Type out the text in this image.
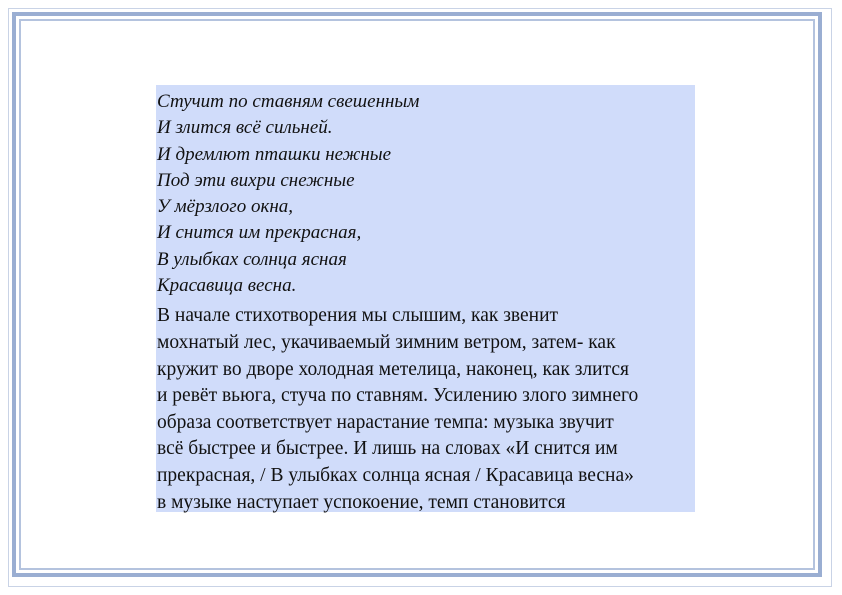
Стучит по ставням свешенным

И злится всё сильней.

И дремлют пташки нежные

Под эти вихри снежные

У мёрзлого окна,

И снится им прекрасная,

В улыбках солнца ясная

Красавица весна.

В начале стихотворения мы слышим, как звенит
мохнатый лес, укачиваемый зимним ветром, затем- как
кружит во дворе холодная метелица, наконец, как злится
и ревёт вьюга, стуча по ставням. Усилению злого зимнего
образа соответствует нарастание темпа: музыка звучит
всё быстрее и быстрее. И лишь на словах «И снится им
прекрасная, / В улыбках солнца ясная / Красавица весна»
в музыке наступает успокоение, темп становится
